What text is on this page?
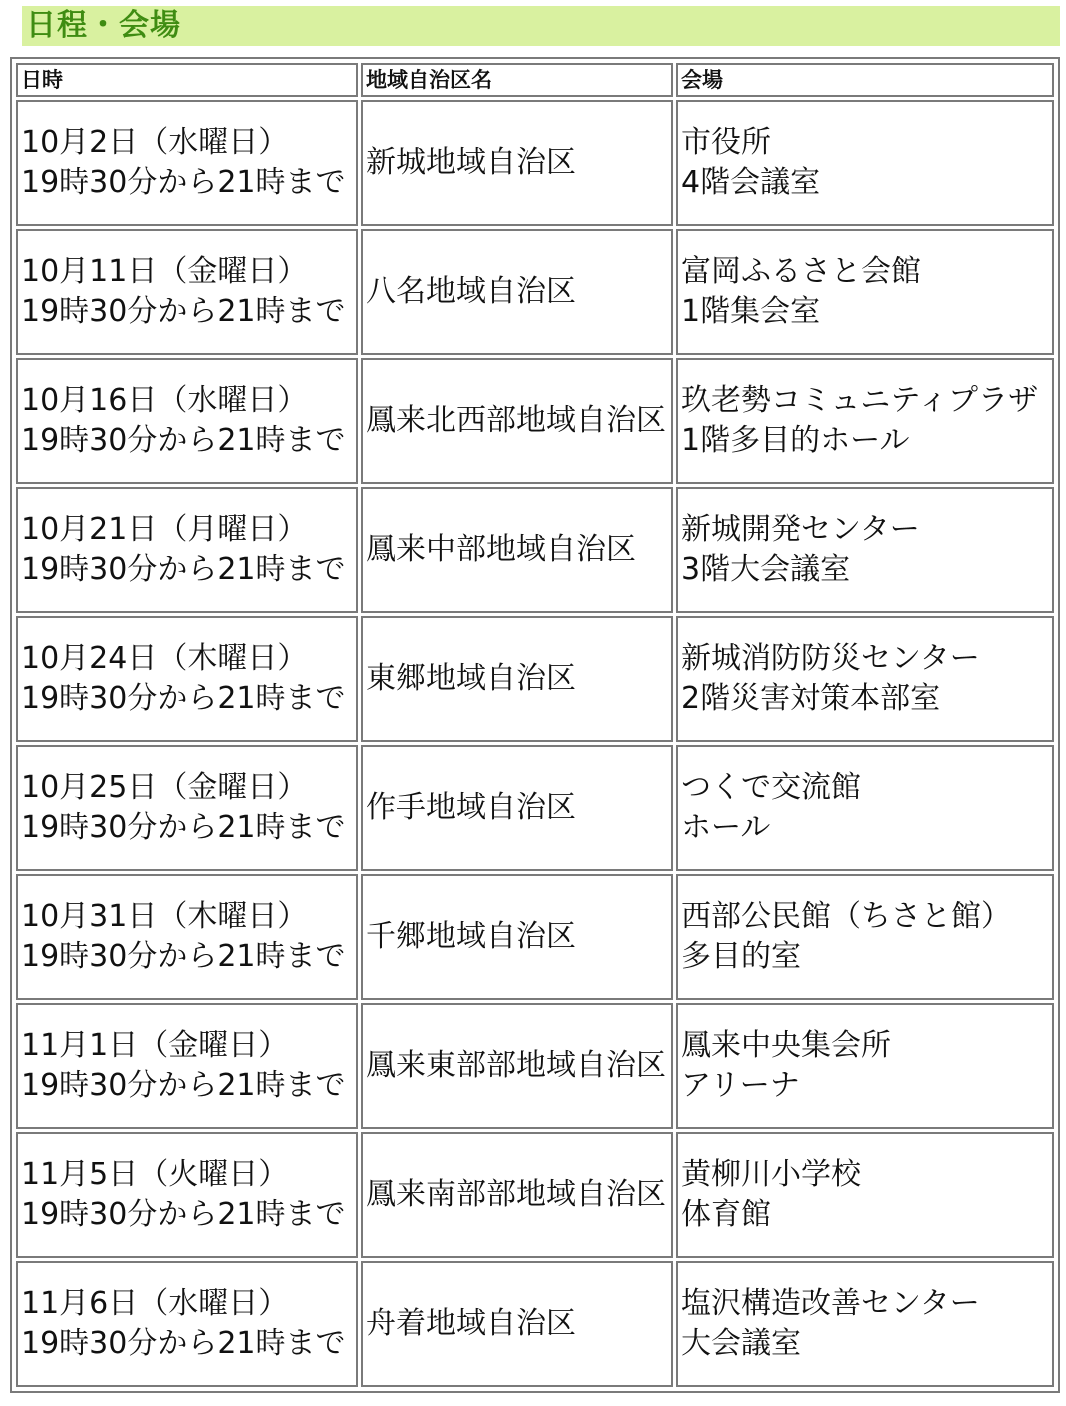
日程・会場
日時	地域自治区名	会場

10月2日（水曜日）
19時30分から21時まで	新城地域自治区	市役所
4階会議室

10月11日（金曜日）
19時30分から21時まで	八名地域自治区	富岡ふるさと会館
1階集会室

10月16日（水曜日）
19時30分から21時まで	鳳来北西部地域自治区	玖老勢コミュニティプラザ
1階多目的ホール

10月21日（月曜日）
19時30分から21時まで	鳳来中部地域自治区	新城開発センター
3階大会議室

10月24日（木曜日）
19時30分から21時まで	東郷地域自治区	新城消防防災センター
2階災害対策本部室

10月25日（金曜日）
19時30分から21時まで	作手地域自治区	つくで交流館
ホール

10月31日（木曜日）
19時30分から21時まで	千郷地域自治区	西部公民館（ちさと館）
多目的室

11月1日（金曜日）
19時30分から21時まで	鳳来東部部地域自治区	鳳来中央集会所
アリーナ

11月5日（火曜日）
19時30分から21時まで	鳳来南部部地域自治区	黄柳川小学校
体育館

11月6日（水曜日）
19時30分から21時まで	舟着地域自治区	塩沢構造改善センター
大会議室
